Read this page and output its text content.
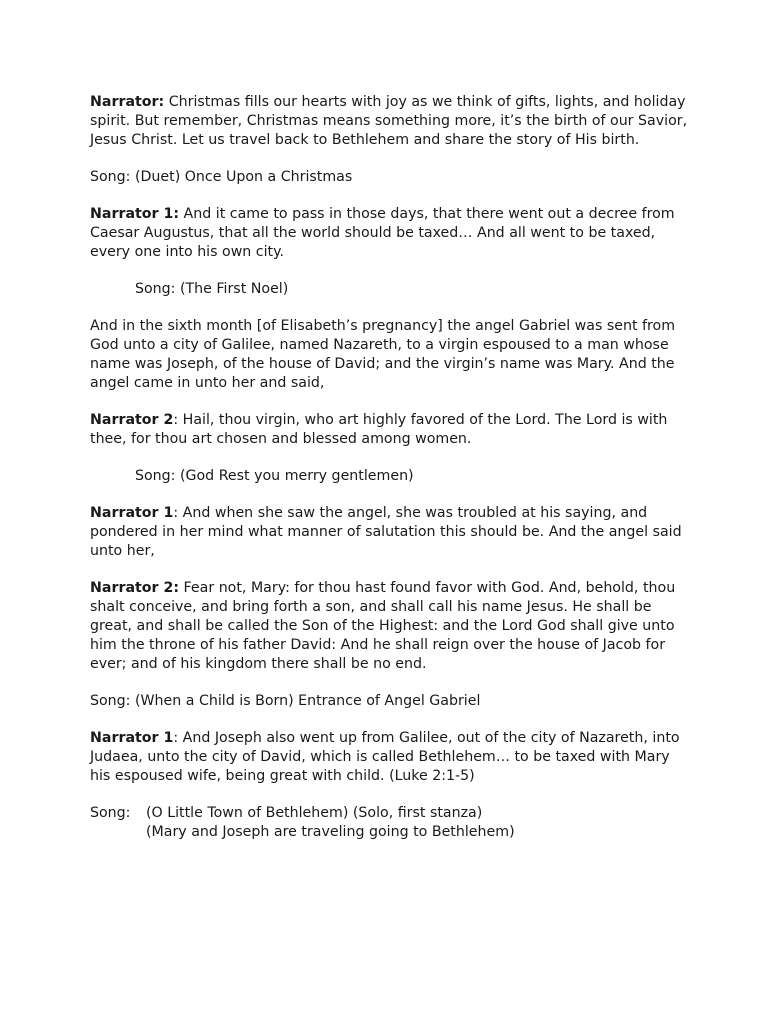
Narrator: Christmas fills our hearts with joy as we think of gifts, lights, and holiday spirit. But remember, Christmas means something more, it’s the birth of our Savior, Jesus Christ. Let us travel back to Bethlehem and share the story of His birth.

Song: (Duet) Once Upon a Christmas

Narrator 1: And it came to pass in those days, that there went out a decree from Caesar Augustus, that all the world should be taxed… And all went to be taxed, every one into his own city.

Song: (The First Noel)

And in the sixth month [of Elisabeth’s pregnancy] the angel Gabriel was sent from God unto a city of Galilee, named Nazareth, to a virgin espoused to a man whose name was Joseph, of the house of David; and the virgin’s name was Mary. And the angel came in unto her and said,

Narrator 2: Hail, thou virgin, who art highly favored of the Lord. The Lord is with thee, for thou art chosen and blessed among women.

Song: (God Rest you merry gentlemen)

Narrator 1: And when she saw the angel, she was troubled at his saying, and pondered in her mind what manner of salutation this should be. And the angel said unto her,

Narrator 2: Fear not, Mary: for thou hast found favor with God. And, behold, thou shalt conceive, and bring forth a son, and shall call his name Jesus. He shall be great, and shall be called the Son of the Highest: and the Lord God shall give unto him the throne of his father David: And he shall reign over the house of Jacob for ever; and of his kingdom there shall be no end.

Song: (When a Child is Born) Entrance of Angel Gabriel

Narrator 1: And Joseph also went up from Galilee, out of the city of Nazareth, into Judaea, unto the city of David, which is called Bethlehem… to be taxed with Mary his espoused wife, being great with child. (Luke 2:1-5)

Song:	(O Little Town of Bethlehem) (Solo, first stanza)
(Mary and Joseph are traveling going to Bethlehem)
